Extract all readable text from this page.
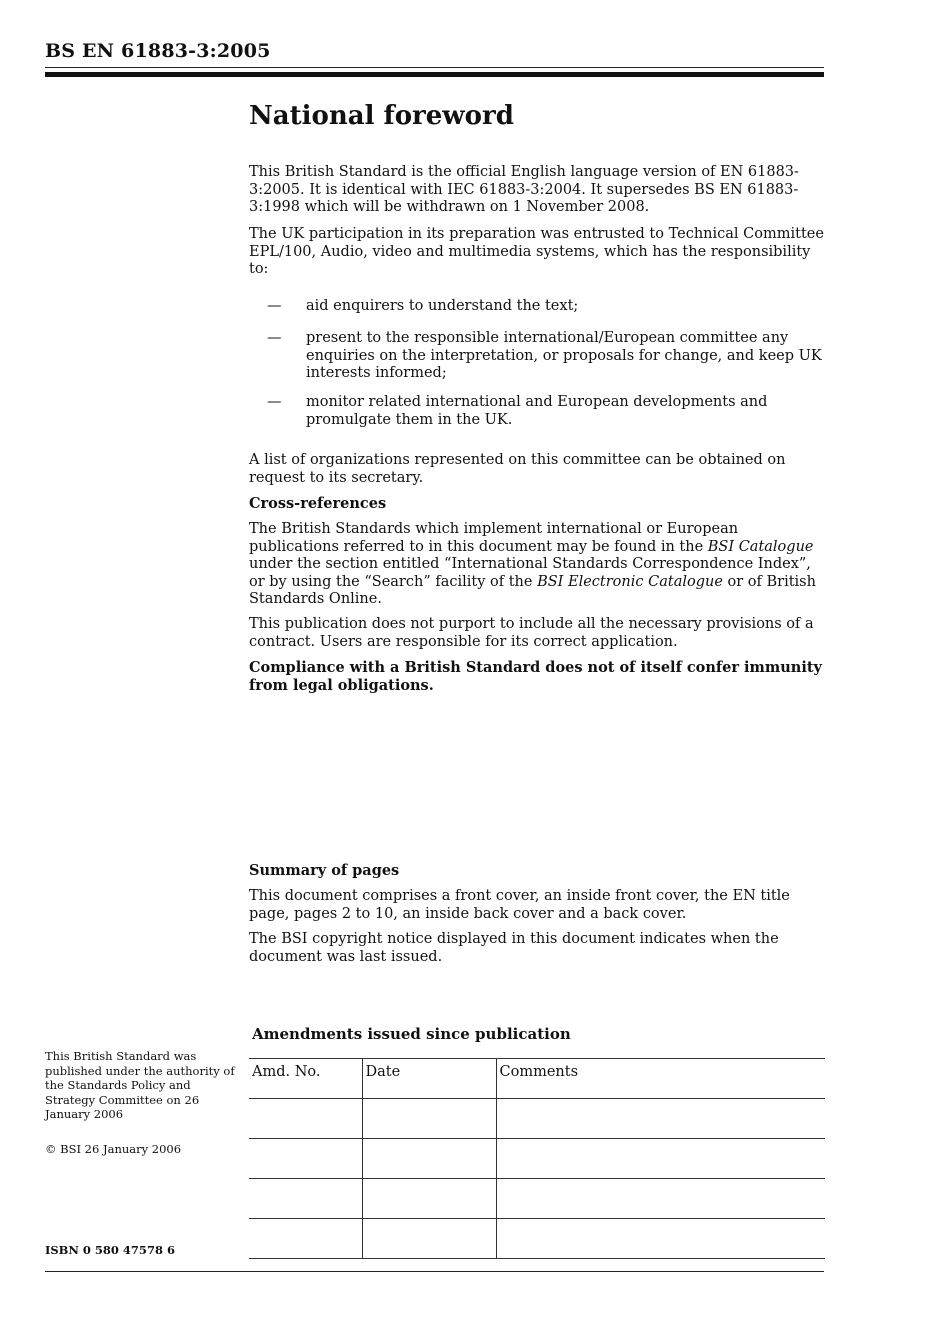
BS EN 61883-3:2005
National foreword

This British Standard is the official English language version of EN 61883-3:2005. It is identical with IEC 61883-3:2004. It supersedes BS EN 61883-3:1998 which will be withdrawn on 1 November 2008.

The UK participation in its preparation was entrusted to Technical Committee EPL/100, Audio, video and multimedia systems, which has the responsibility to:

— aid enquirers to understand the text;
— present to the responsible international/European committee any enquiries on the interpretation, or proposals for change, and keep UK interests informed;
— monitor related international and European developments and promulgate them in the UK.

A list of organizations represented on this committee can be obtained on request to its secretary.

Cross-references

The British Standards which implement international or European publications referred to in this document may be found in the BSI Catalogue under the section entitled “International Standards Correspondence Index”, or by using the “Search” facility of the BSI Electronic Catalogue or of British Standards Online.

This publication does not purport to include all the necessary provisions of a contract. Users are responsible for its correct application.

Compliance with a British Standard does not of itself confer immunity from legal obligations.

Summary of pages

This document comprises a front cover, an inside front cover, the EN title page, pages 2 to 10, an inside back cover and a back cover.

The BSI copyright notice displayed in this document indicates when the document was last issued.

Amendments issued since publication
Amd. No.	Date	Comments

This British Standard was published under the authority of the Standards Policy and Strategy Committee on 26 January 2006

© BSI 26 January 2006

ISBN 0 580 47578 6
